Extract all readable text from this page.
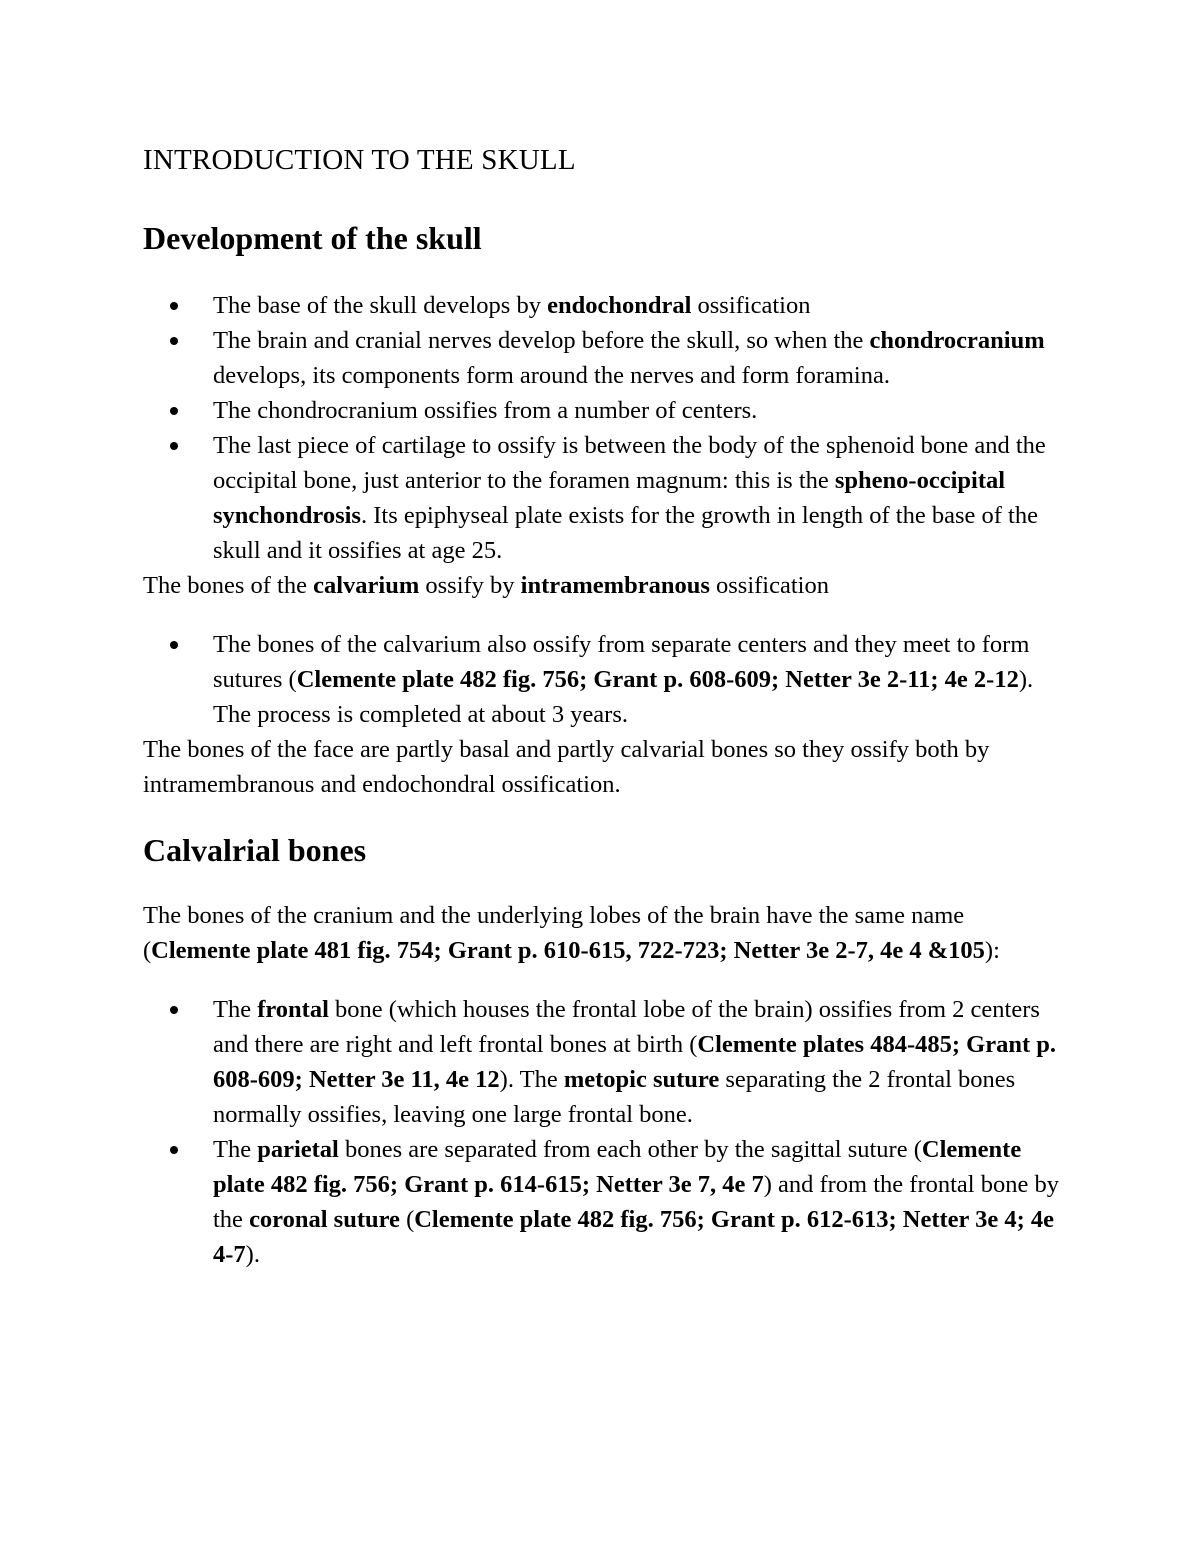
INTRODUCTION TO THE SKULL
Development of the skull
The base of the skull develops by endochondral ossification
The brain and cranial nerves develop before the skull, so when the chondrocranium develops, its components form around the nerves and form foramina.
The chondrocranium ossifies from a number of centers.
The last piece of cartilage to ossify is between the body of the sphenoid bone and the occipital bone, just anterior to the foramen magnum: this is the spheno-occipital synchondrosis. Its epiphyseal plate exists for the growth in length of the base of the skull and it ossifies at age 25.

The bones of the calvarium ossify by intramembranous ossification

The bones of the calvarium also ossify from separate centers and they meet to form sutures (Clemente plate 482 fig. 756; Grant p. 608-609; Netter 3e 2-11; 4e 2-12). The process is completed at about 3 years.

The bones of the face are partly basal and partly calvarial bones so they ossify both by intramembranous and endochondral ossification.

Calvalrial bones

The bones of the cranium and the underlying lobes of the brain have the same name (Clemente plate 481 fig. 754; Grant p. 610-615, 722-723; Netter 3e 2-7, 4e 4 &105):

The frontal bone (which houses the frontal lobe of the brain) ossifies from 2 centers and there are right and left frontal bones at birth (Clemente plates 484-485; Grant p. 608-609; Netter 3e 11, 4e 12). The metopic suture separating the 2 frontal bones normally ossifies, leaving one large frontal bone.
The parietal bones are separated from each other by the sagittal suture (Clemente plate 482 fig. 756; Grant p. 614-615; Netter 3e 7, 4e 7) and from the frontal bone by the coronal suture (Clemente plate 482 fig. 756; Grant p. 612-613; Netter 3e 4; 4e 4-7).
